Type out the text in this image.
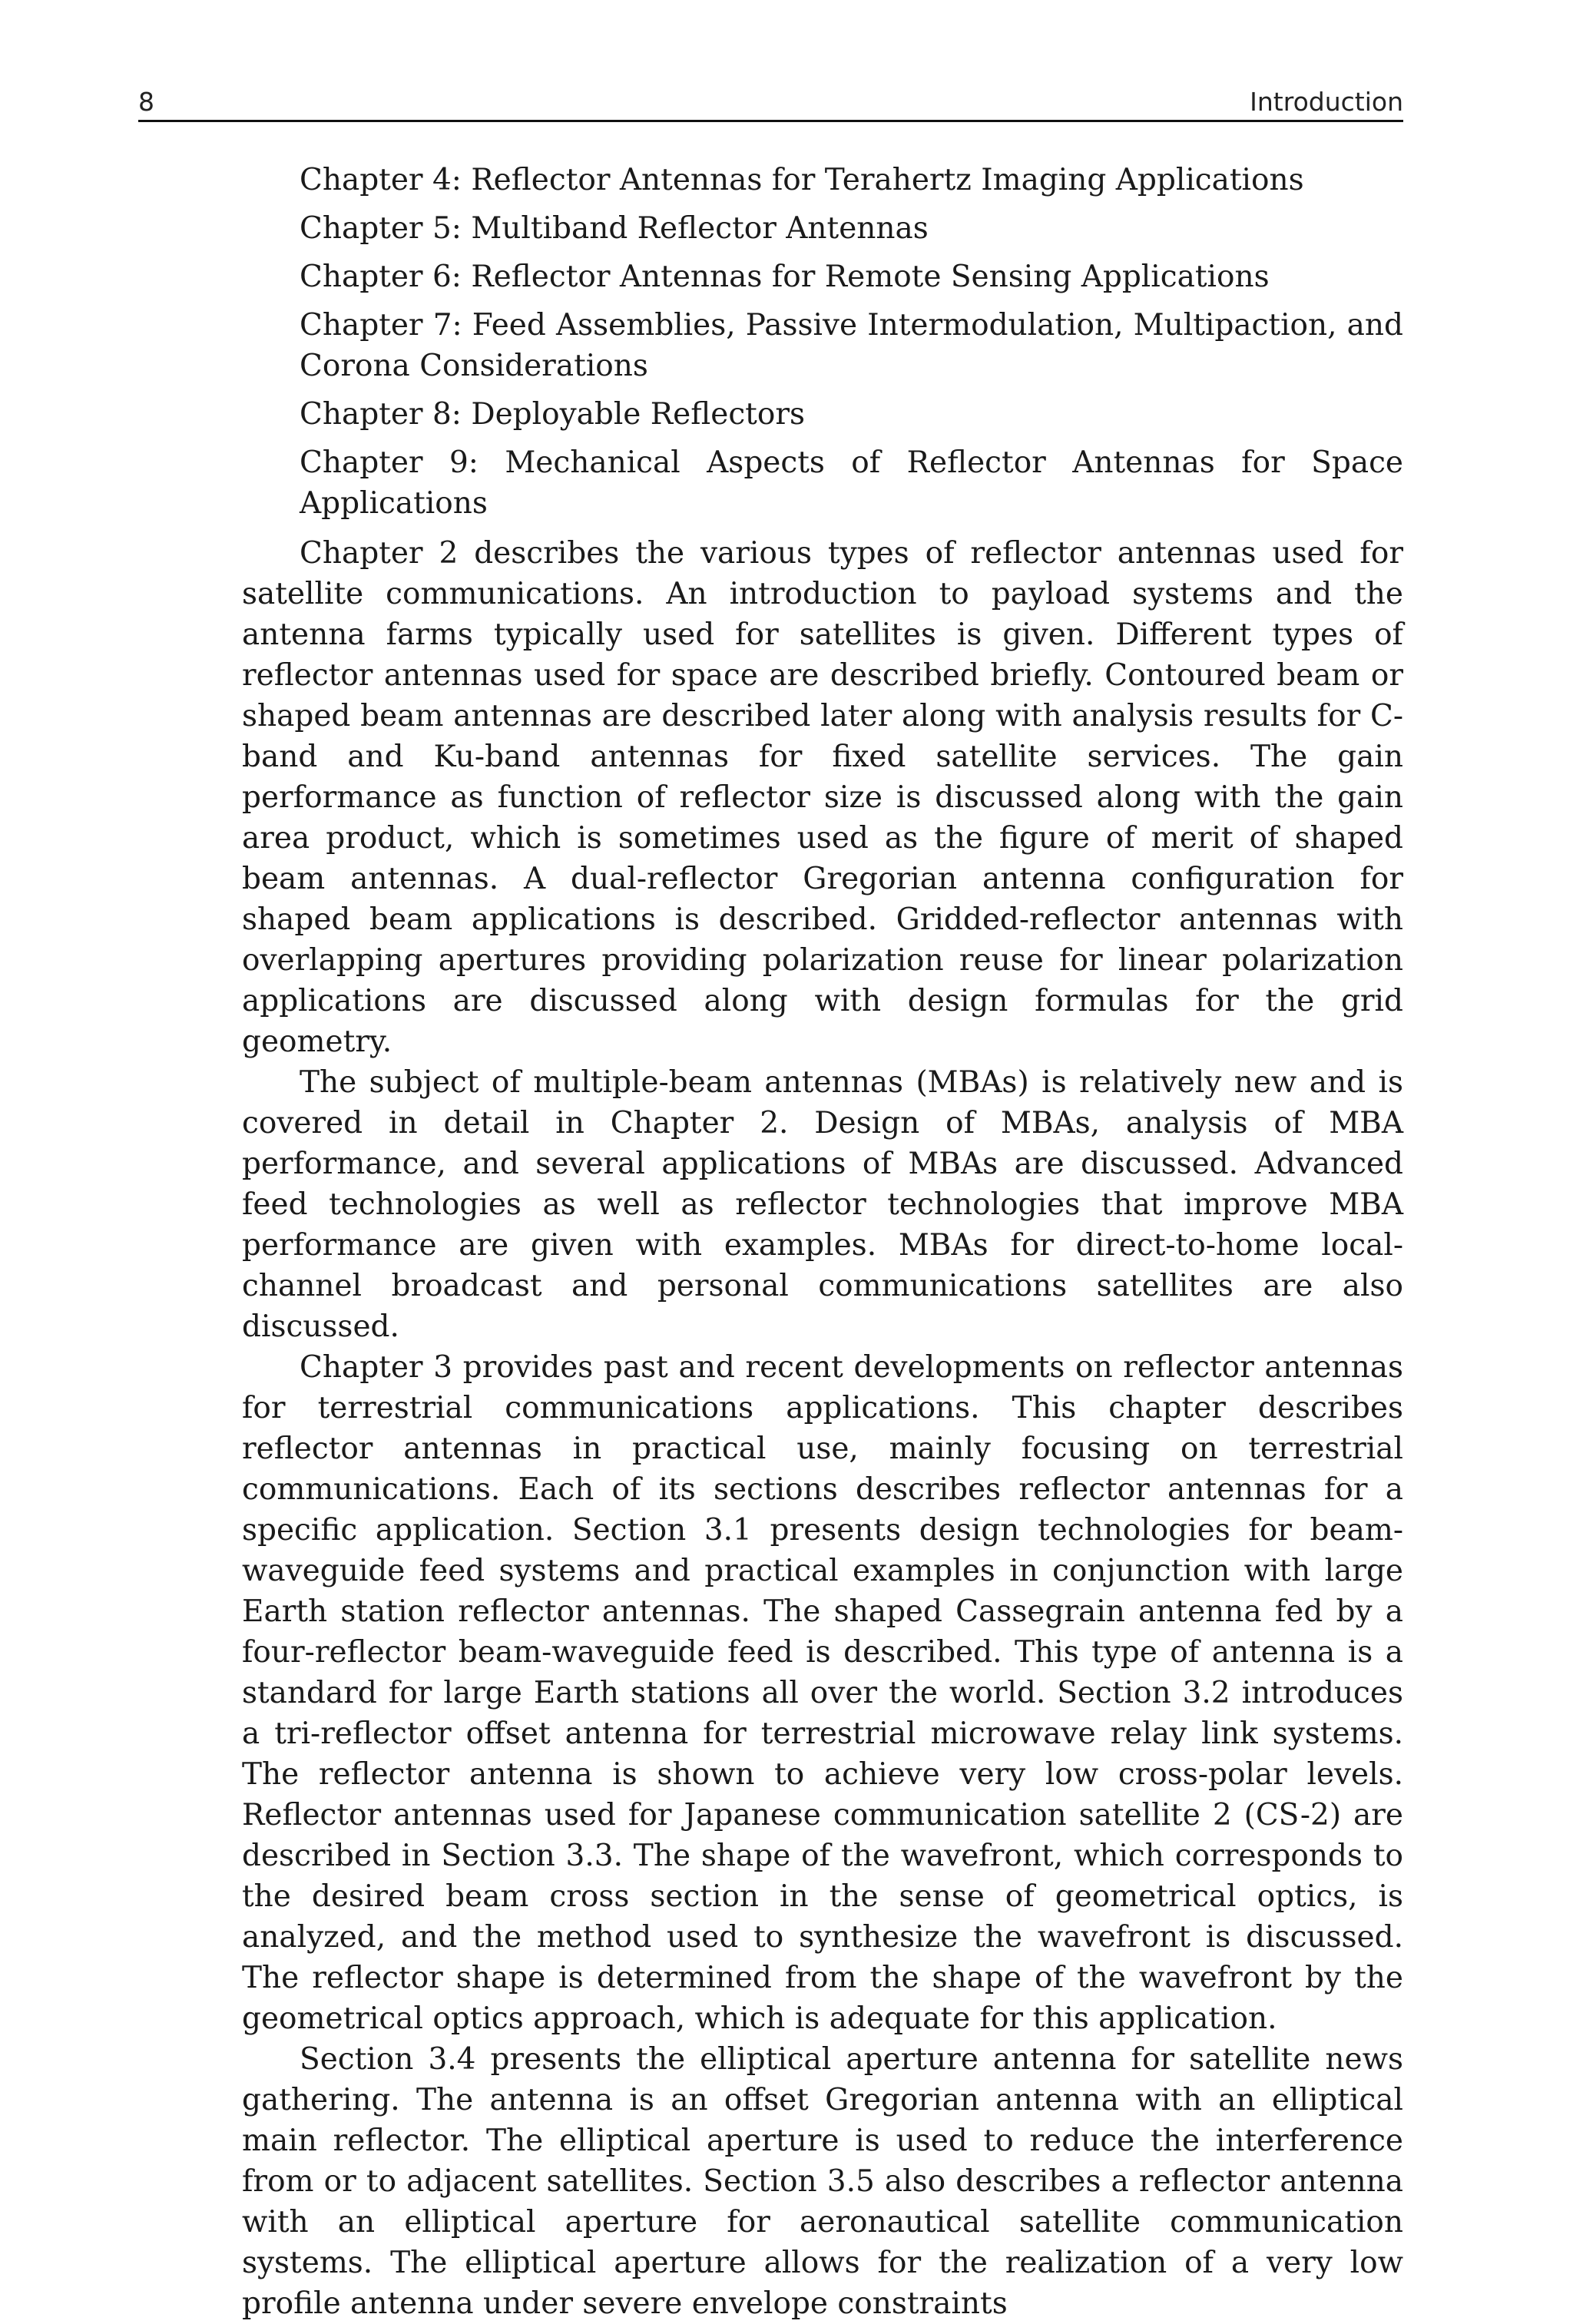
8	Introduction
Chapter 4: Reflector Antennas for Terahertz Imaging Applications
Chapter 5: Multiband Reflector Antennas
Chapter 6: Reflector Antennas for Remote Sensing Applications
Chapter 7: Feed Assemblies, Passive Intermodulation, Multipaction, and Corona Considerations
Chapter 8: Deployable Reflectors
Chapter 9: Mechanical Aspects of Reflector Antennas for Space Applications

Chapter 2 describes the various types of reflector antennas used for satellite communications. An introduction to payload systems and the antenna farms typically used for satellites is given. Different types of reflector antennas used for space are described briefly. Contoured beam or shaped beam antennas are described later along with analysis results for C-band and Ku-band antennas for fixed satellite services. The gain performance as function of reflector size is discussed along with the gain area product, which is sometimes used as the figure of merit of shaped beam antennas. A dual-reflector Gregorian antenna configuration for shaped beam applications is described. Gridded-reflector antennas with overlapping apertures providing polarization reuse for linear polarization applications are discussed along with design formulas for the grid geometry.

The subject of multiple-beam antennas (MBAs) is relatively new and is covered in detail in Chapter 2. Design of MBAs, analysis of MBA performance, and several applications of MBAs are discussed. Advanced feed technologies as well as reflector technologies that improve MBA performance are given with examples. MBAs for direct-to-home local-channel broadcast and personal communications satellites are also discussed.

Chapter 3 provides past and recent developments on reflector antennas for terrestrial communications applications. This chapter describes reflector antennas in practical use, mainly focusing on terrestrial communications. Each of its sections describes reflector antennas for a specific application. Section 3.1 presents design technologies for beam-waveguide feed systems and practical examples in conjunction with large Earth station reflector antennas. The shaped Cassegrain antenna fed by a four-reflector beam-waveguide feed is described. This type of antenna is a standard for large Earth stations all over the world. Section 3.2 introduces a tri-reflector offset antenna for terrestrial microwave relay link systems. The reflector antenna is shown to achieve very low cross-polar levels. Reflector antennas used for Japanese communication satellite 2 (CS-2) are described in Section 3.3. The shape of the wavefront, which corresponds to the desired beam cross section in the sense of geometrical optics, is analyzed, and the method used to synthesize the wavefront is discussed. The reflector shape is determined from the shape of the wavefront by the geometrical optics approach, which is adequate for this application.

Section 3.4 presents the elliptical aperture antenna for satellite news gathering. The antenna is an offset Gregorian antenna with an elliptical main reflector. The elliptical aperture is used to reduce the interference from or to adjacent satellites. Section 3.5 also describes a reflector antenna with an elliptical aperture for aeronautical satellite communication systems. The elliptical aperture allows for the realization of a very low profile antenna under severe envelope constraints
